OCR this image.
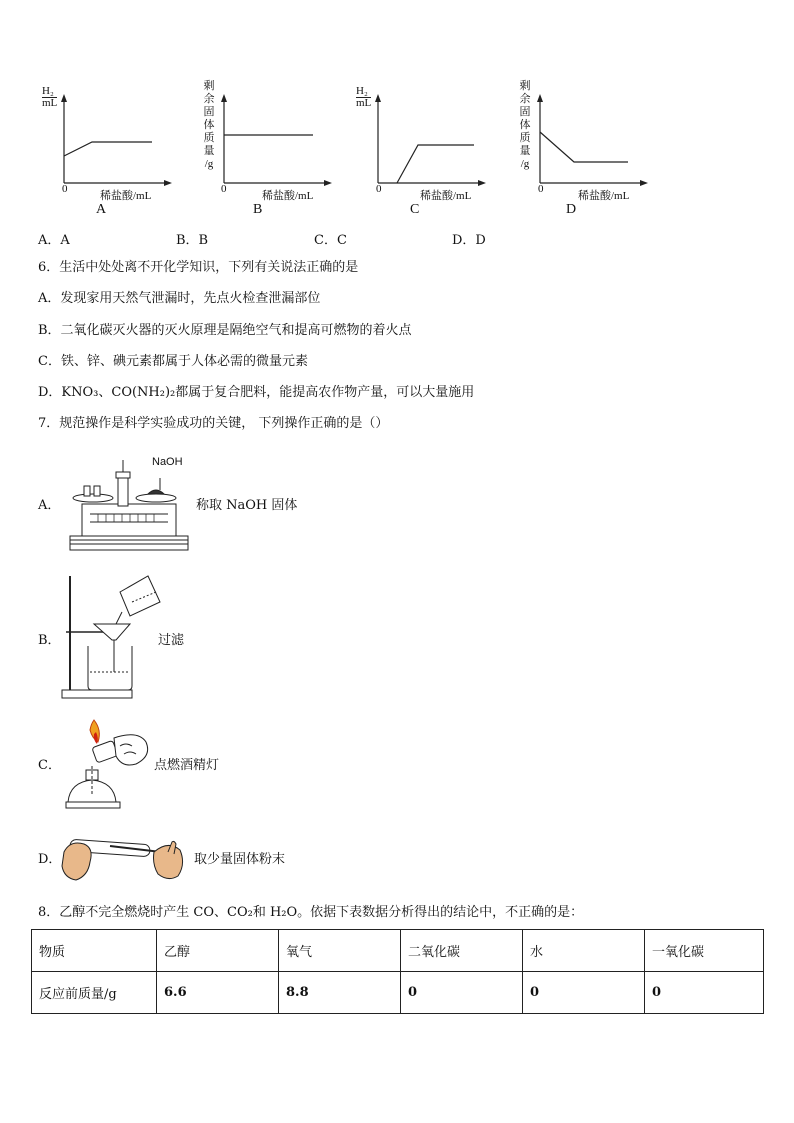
H₂
mL
0
稀盐酸/mL
A
剩
余
固
体
质
量
/g
0
稀盐酸/mL
B
H₂
mL
0
稀盐酸/mL
C
剩
余
固
体
质
量
/g
0
稀盐酸/mL
D
A．A	B．B	C．C	D．D
6．生活中处处离不开化学知识，下列有关说法正确的是
A．发现家用天然气泄漏时，先点火检查泄漏部位
B．二氧化碳灭火器的灭火原理是隔绝空气和提高可燃物的着火点
C．铁、锌、碘元素都属于人体必需的微量元素
D．KNO₃、CO(NH₂)₂都属于复合肥料，能提高农作物产量，可以大量施用
7．规范操作是科学实验成功的关键， 下列操作正确的是（）
A．
NaOH
称取 NaOH 固体
B．	过滤
C．	点燃酒精灯
D．	取少量固体粉末
8．乙醇不完全燃烧时产生 CO、CO₂和 H₂O。依据下表数据分析得出的结论中，不正确的是：
物质	乙醇	氧气	二氧化碳	水	一氧化碳
反应前质量/g	6.6	8.8	0	0	0
